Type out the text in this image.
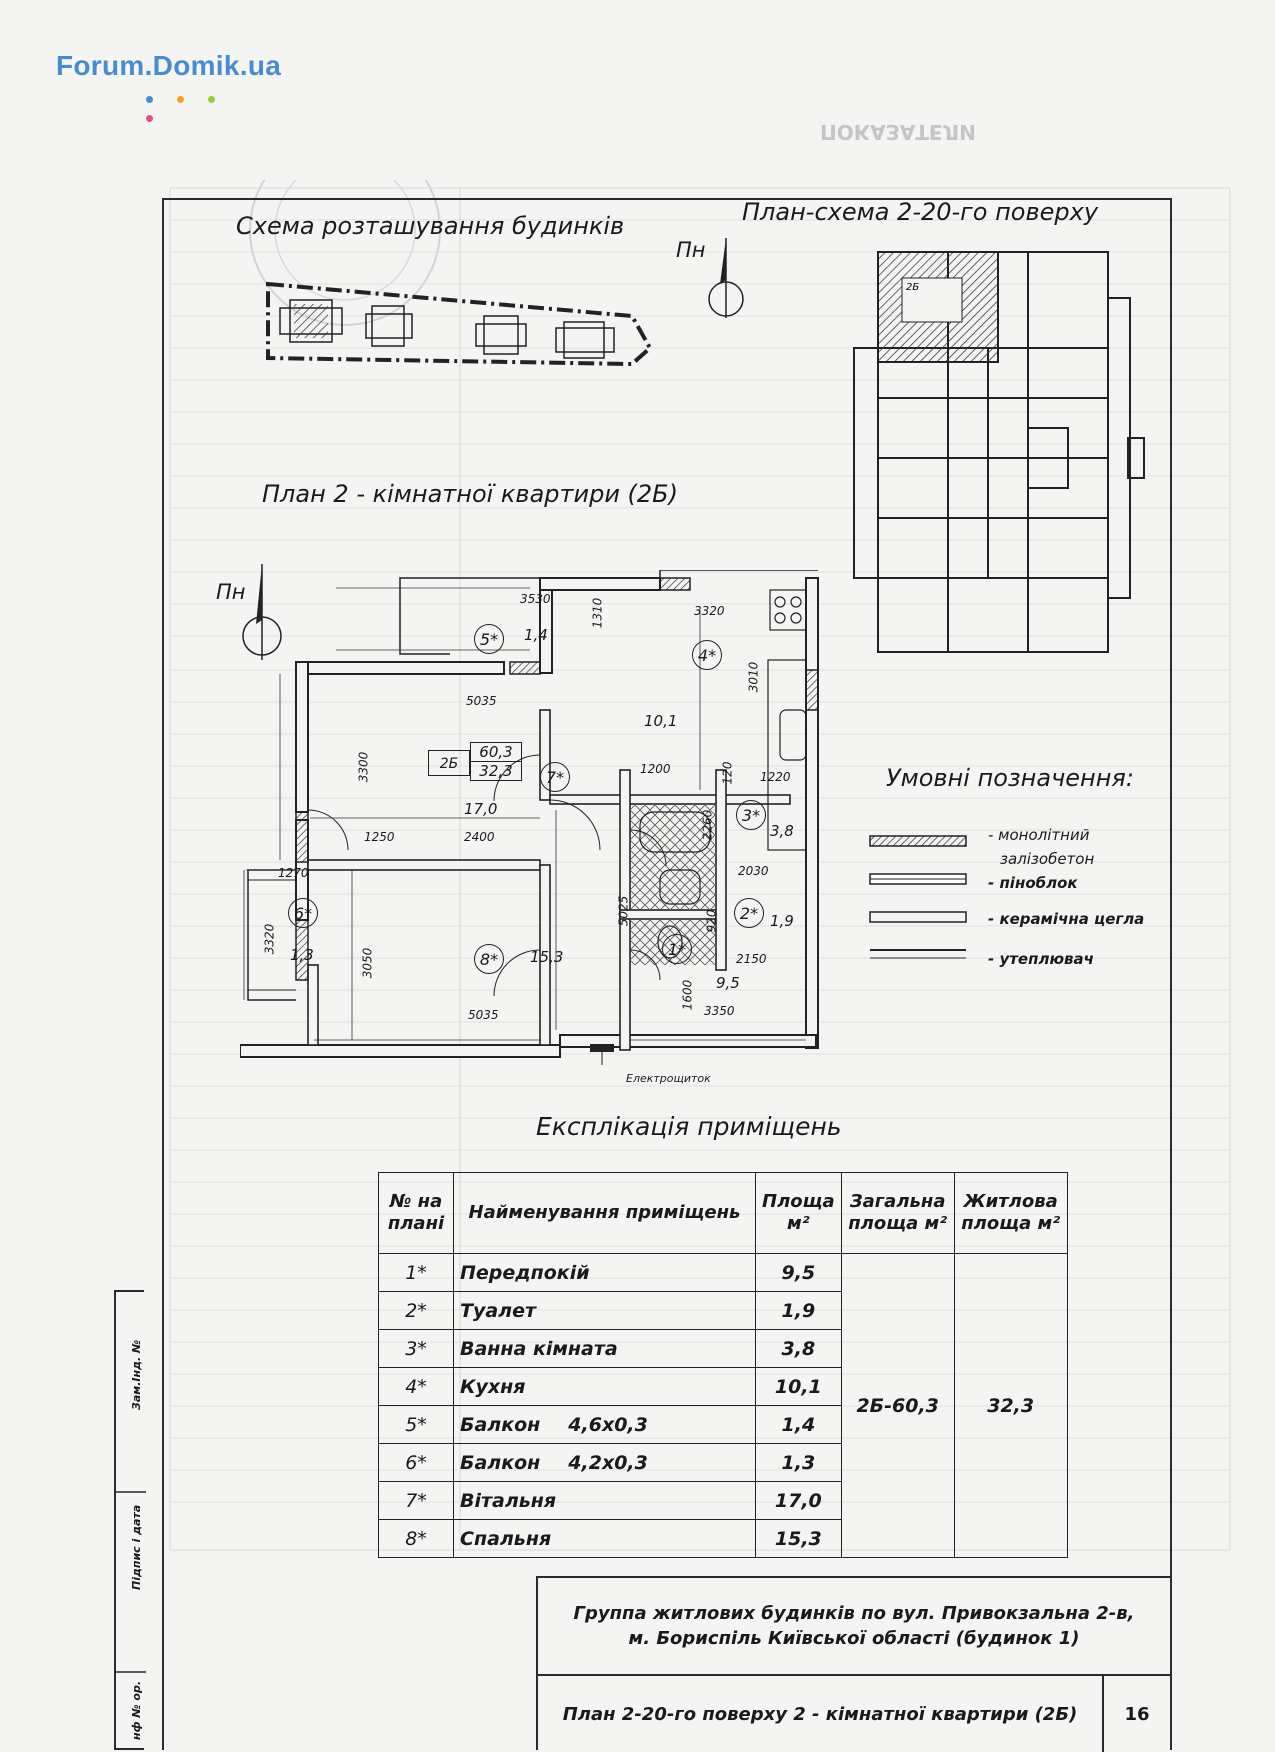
Forum.Domik.ua
ПОКАЗАТЕЛИ
Зам.Інд. №
Підпис і дата
нф № ор.
Схема розташування будинків	План-схема 2-20-го поверху
План 2 - кімнатної квартири (2Б)
Умовні позначення:
Експлікація приміщень
Пн
Пн
2Б
3530	1310	3320
3010
5035
3300	1200
1220
120
2260
1250	2400
1270	2030
5025	920
3320
3050	2150
1600
5035	3350
5*	1,4
4*
10,1
2Б
60,3
32,3	7*
17,0	3*
3,8
6*
1,3
2* 1,9
1*
9,5
8*	15,3
Електрощиток
- монолітний
залізобетон
- піноблок
- керамічна цегла
- утеплювач
№ на плані	Найменування приміщень	Площа м²	Загальна площа м²	Житлова площа м²
1*	Передпокій	9,5	2Б-60,3	32,3
2*	Туалет	1,9		
3*	Ванна кімната	3,8		
4*	Кухня	10,1		
5*	Балкон 4,6x0,3	1,4		
6*	Балкон 4,2x0,3	1,3		
7*	Вітальня	17,0		
8*	Спальня	15,3		
Группа житлових будинків по вул. Привокзальна 2-в,
м. Бориспіль Київської області (будинок 1)
План 2-20-го поверху 2 - кімнатної квартири (2Б)	16
